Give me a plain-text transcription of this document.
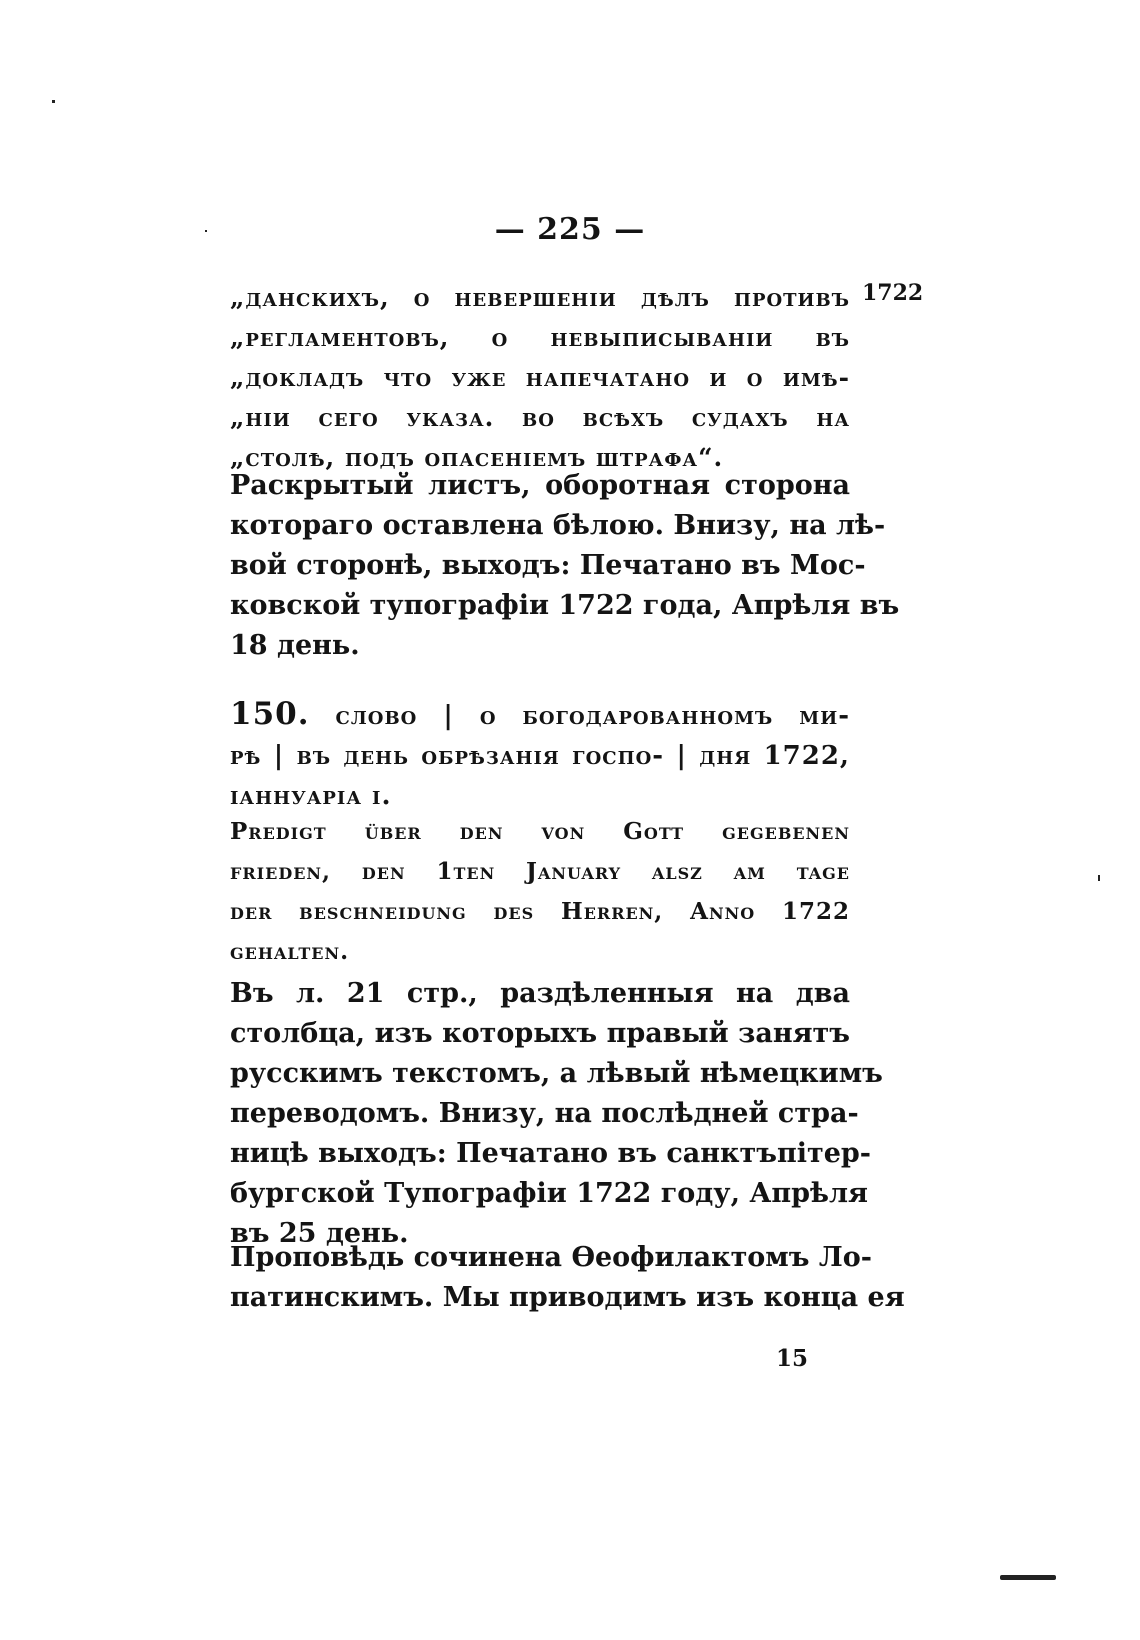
— 225 —
1722
„данскихъ, о невершеніи дѣлъ противъ
„регламентовъ, о невыписываніи въ
„докладъ что уже напечатано и о имѣ-
„ніи сего указа. во всѣхъ судахъ на
„столѣ, подъ опасеніемъ штрафа“.
Раскрытый листъ, оборотная сторона
котораго оставлена бѣлою. Внизу, на лѣ-
вой сторонѣ, выходъ: Печатано въ Мос-
ковской тупографіи 1722 года, Апрѣля въ
18 день.
150. слово | о богодарованномъ ми-
рѣ | въ день обрѣзанія госпо- | дня 1722,
іаннуаріа і.
Predigt über den von Gott gegebenen
frieden, den 1ten January alsz am tage
der beschneidung des Herren, Anno 1722
gehalten.
Въ л. 21 стр., раздѣленныя на два
столбца, изъ которыхъ правый занятъ
русскимъ текстомъ, а лѣвый нѣмецкимъ
переводомъ. Внизу, на послѣдней стра-
ницѣ выходъ: Печатано въ санктъпітер-
бургской Тупографіи 1722 году, Апрѣля
въ 25 день.
Проповѣдь сочинена Ѳеофилактомъ Ло-
патинскимъ. Мы приводимъ изъ конца ея
15
